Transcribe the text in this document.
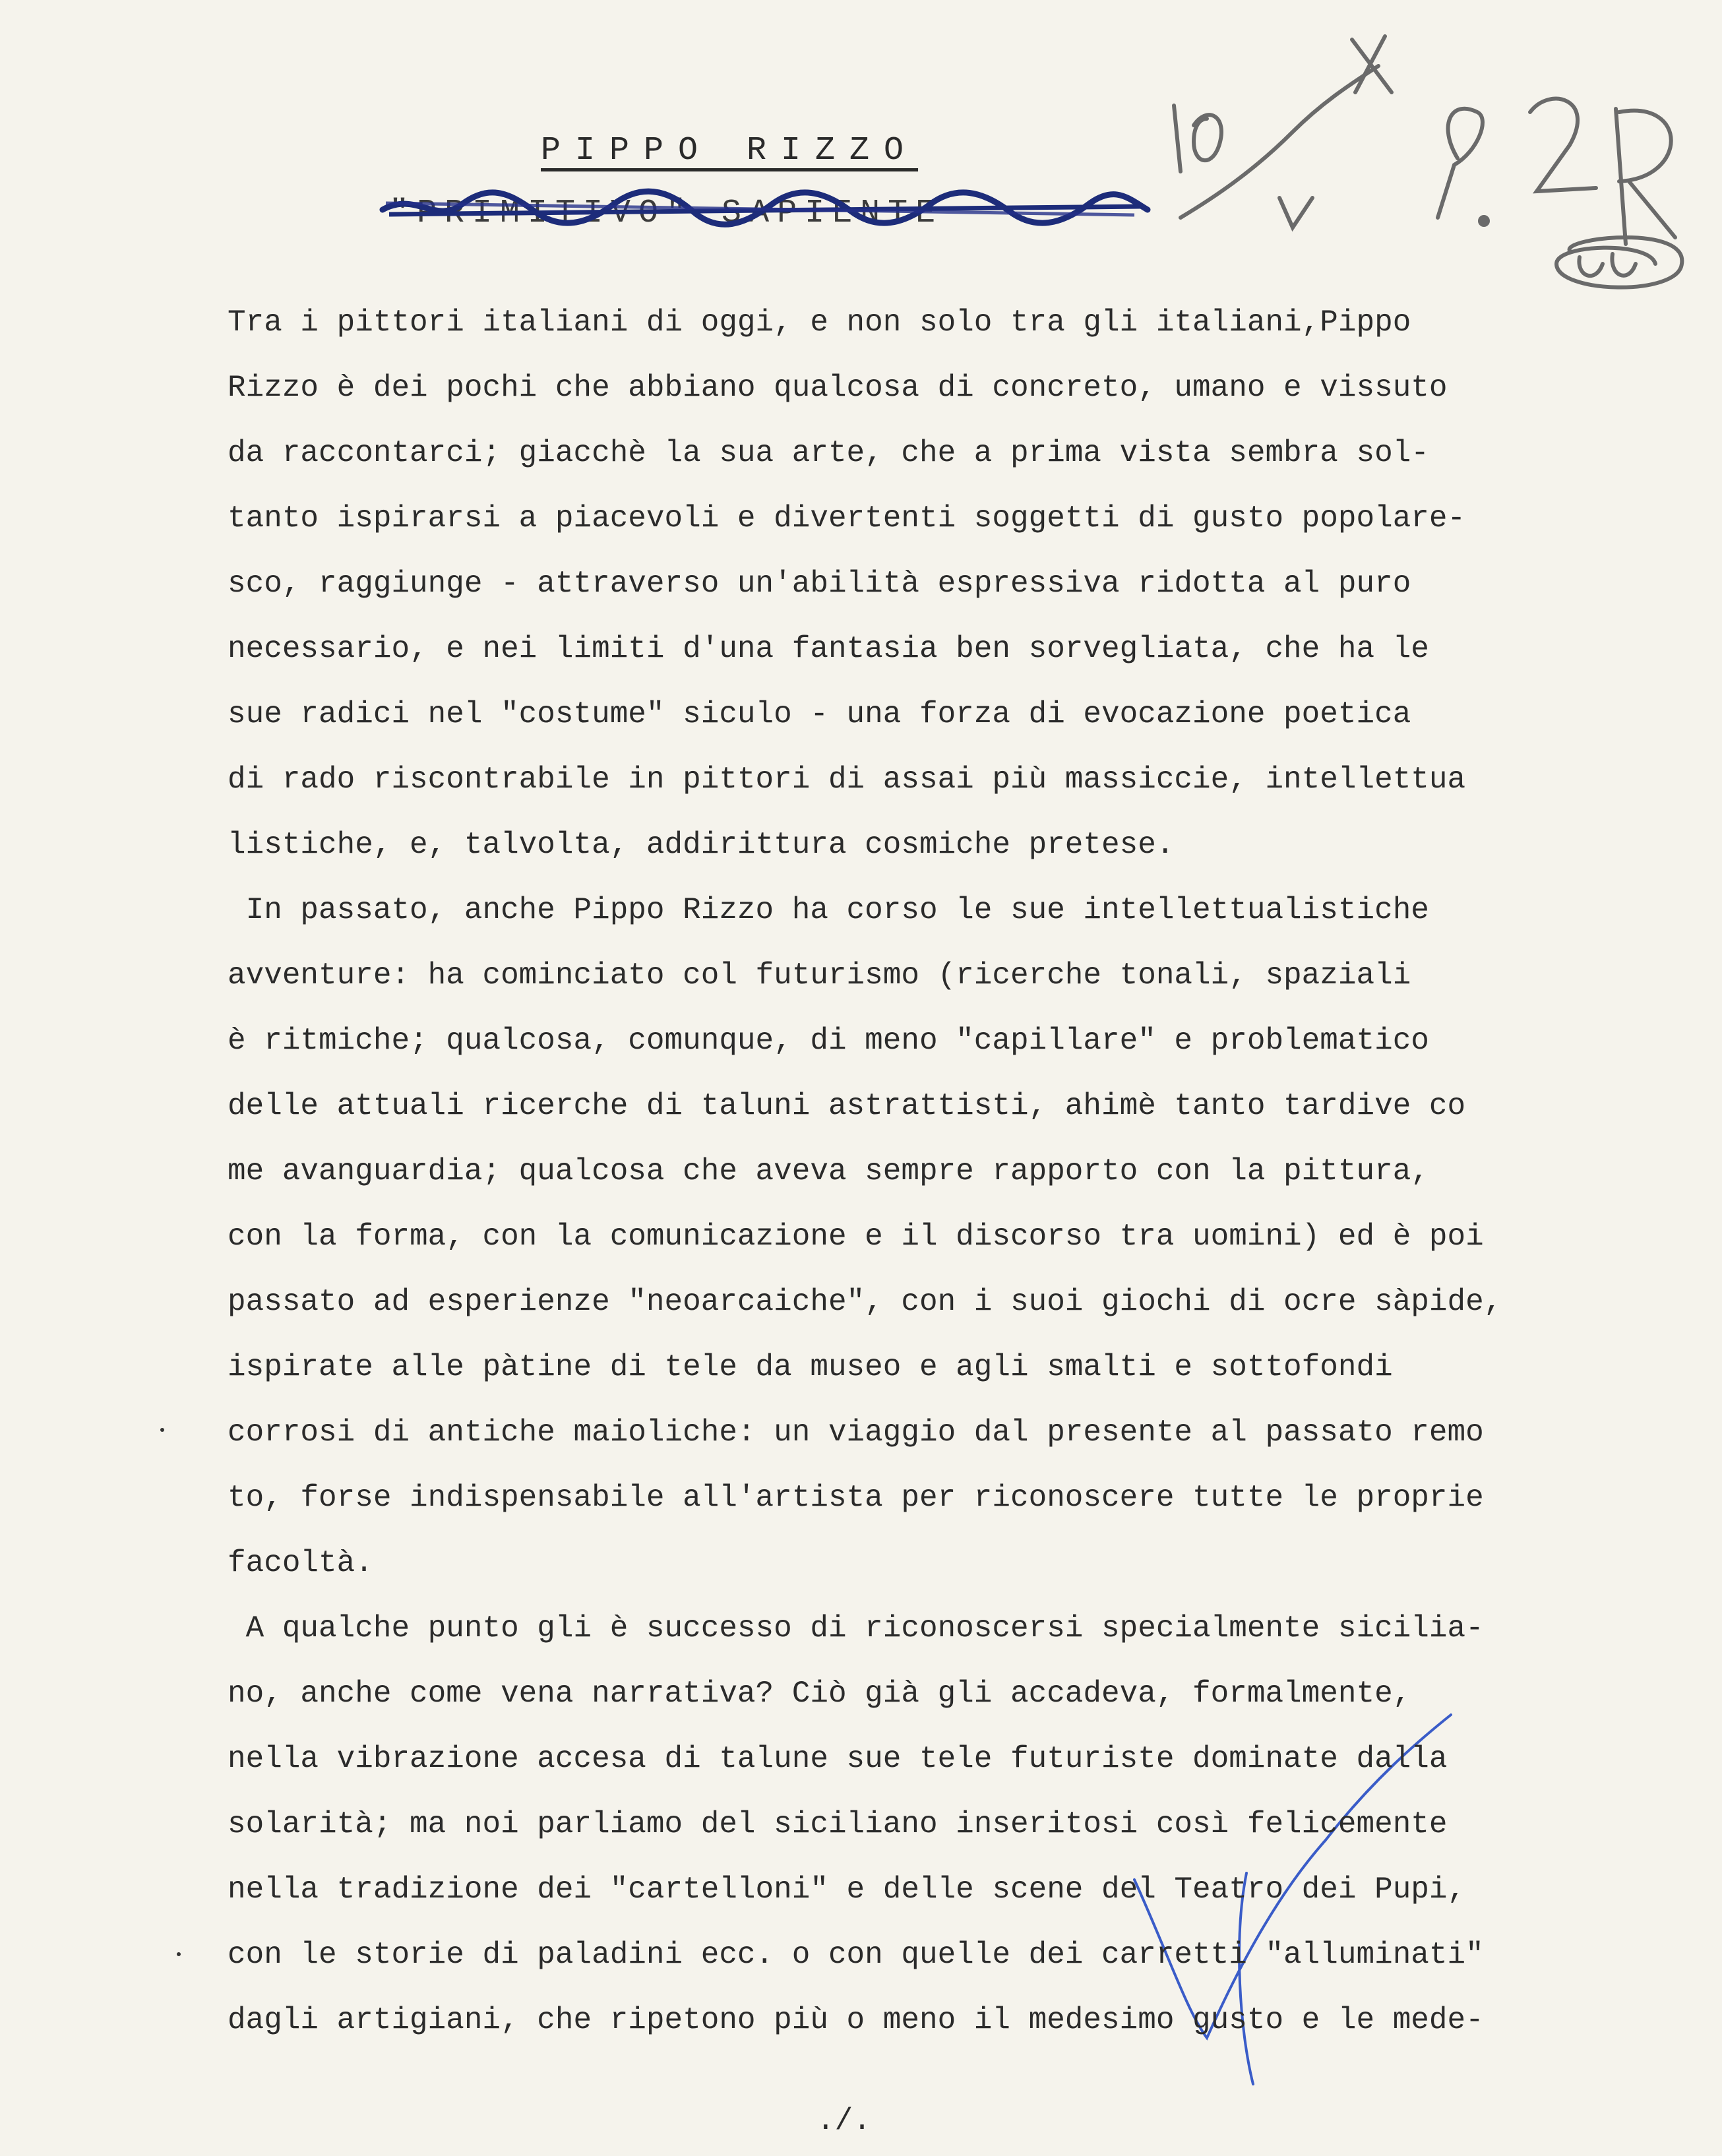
PIPPO RIZZO
"PRIMITIVO" SAPIENTE
Tra i pittori italiani di oggi, e non solo tra gli italiani,Pippo
Rizzo è dei pochi che abbiano qualcosa di concreto, umano e vissuto
da raccontarci; giacchè la sua arte, che a prima vista sembra sol-
tanto ispirarsi a piacevoli e divertenti soggetti di gusto popolare-
sco, raggiunge - attraverso un'abilità espressiva ridotta al puro
necessario, e nei limiti d'una fantasia ben sorvegliata, che ha le
sue radici nel "costume" siculo - una forza di evocazione poetica
di rado riscontrabile in pittori di assai più massiccie, intellettua
listiche, e, talvolta, addirittura cosmiche pretese.
In passato, anche Pippo Rizzo ha corso le sue intellettualistiche
avventure: ha cominciato col futurismo (ricerche tonali, spaziali
è ritmiche; qualcosa, comunque, di meno "capillare" e problematico
delle attuali ricerche di taluni astrattisti, ahimè tanto tardive co
me avanguardia; qualcosa che aveva sempre rapporto con la pittura,
con la forma, con la comunicazione e il discorso tra uomini) ed è poi
passato ad esperienze "neoarcaiche", con i suoi giochi di ocre sàpide,
ispirate alle pàtine di tele da museo e agli smalti e sottofondi
corrosi di antiche maioliche: un viaggio dal presente al passato remo
to, forse indispensabile all'artista per riconoscere tutte le proprie
facoltà.
A qualche punto gli è successo di riconoscersi specialmente sicilia-
no, anche come vena narrativa? Ciò già gli accadeva, formalmente,
nella vibrazione accesa di talune sue tele futuriste dominate dalla
solarità; ma noi parliamo del siciliano inseritosi così felicemente
nella tradizione dei "cartelloni" e delle scene del Teatro dei Pupi,
con le storie di paladini ecc. o con quelle dei carretti "alluminati"
dagli artigiani, che ripetono più o meno il medesimo gusto e le mede-
./.
